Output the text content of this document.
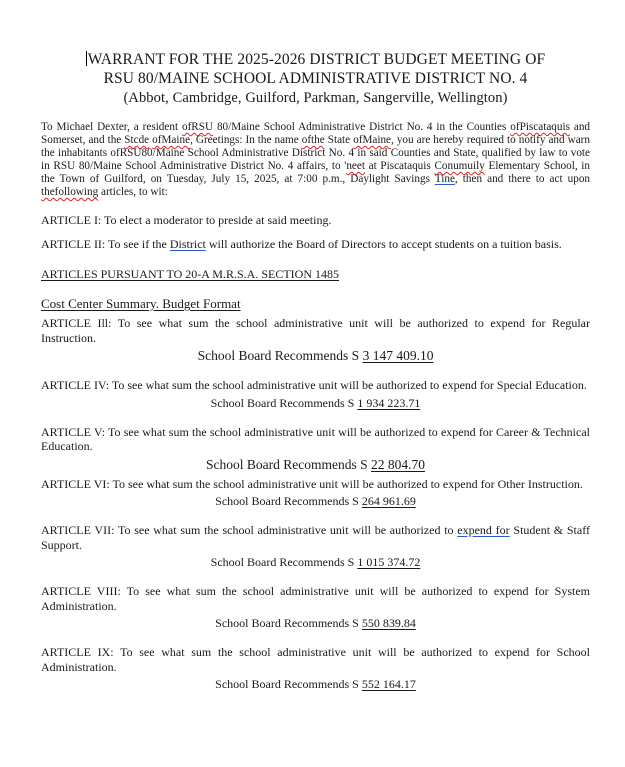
WARRANT FOR THE 2025-2026 DISTRICT BUDGET MEETING OF
RSU 80/MAINE SCHOOL ADMINISTRATIVE DISTRICT NO. 4
(Abbot, Cambridge, Guilford, Parkman, Sangerville, Wellington)
To Michael Dexter, a resident ofRSU 80/Maine School Administrative District No. 4 in the Counties ofPiscataquis and Somerset, and the Stcde ofMaine, Greetings: In the name ofthe State ofMaine, you are hereby required to notify and warn the inhabitants ofRSU80/Maine School Administrative District No. 4 in said Counties and State, qualified by law to vote in RSU 80/Maine School Administrative District No. 4 affairs, to 'neet at Piscataquis Conumuily Elementary School, in the Town of Guilford, on Tuesday, July 15, 2025, at 7:00 p.m., Daylight Savings Tine, then and there to act upon thefollowing articles, to wit:
ARTICLE I: To elect a moderator to preside at said meeting.
ARTICLE II: To see if the District will authorize the Board of Directors to accept students on a tuition basis.
ARTICLES PURSUANT TO 20-A M.R.S.A. SECTION 1485
Cost Center Summary. Budget Format
ARTICLE Ill: To see what sum the school administrative unit will be authorized to expend for Regular Instruction.
School Board Recommends S 3 147 409.10
ARTICLE IV: To see what sum the school administrative unit will be authorized to expend for Special Education.
School Board Recommends S 1 934 223.71
ARTICLE V: To see what sum the school administrative unit will be authorized to expend for Career & Technical Education.
School Board Recommends S 22 804.70
ARTICLE VI: To see what sum the school administrative unit will be authorized to expend for Other Instruction.
School Board Recommends S 264 961.69
ARTICLE VII: To see what sum the school administrative unit will be authorized to expend for Student & Staff Support.
School Board Recommends S 1 015 374.72
ARTICLE VIII: To see what sum the school administrative unit will be authorized to expend for System Administration.
School Board Recommends S 550 839.84
ARTICLE IX: To see what sum the school administrative unit will be authorized to expend for School Administration.
School Board Recommends S 552 164.17
